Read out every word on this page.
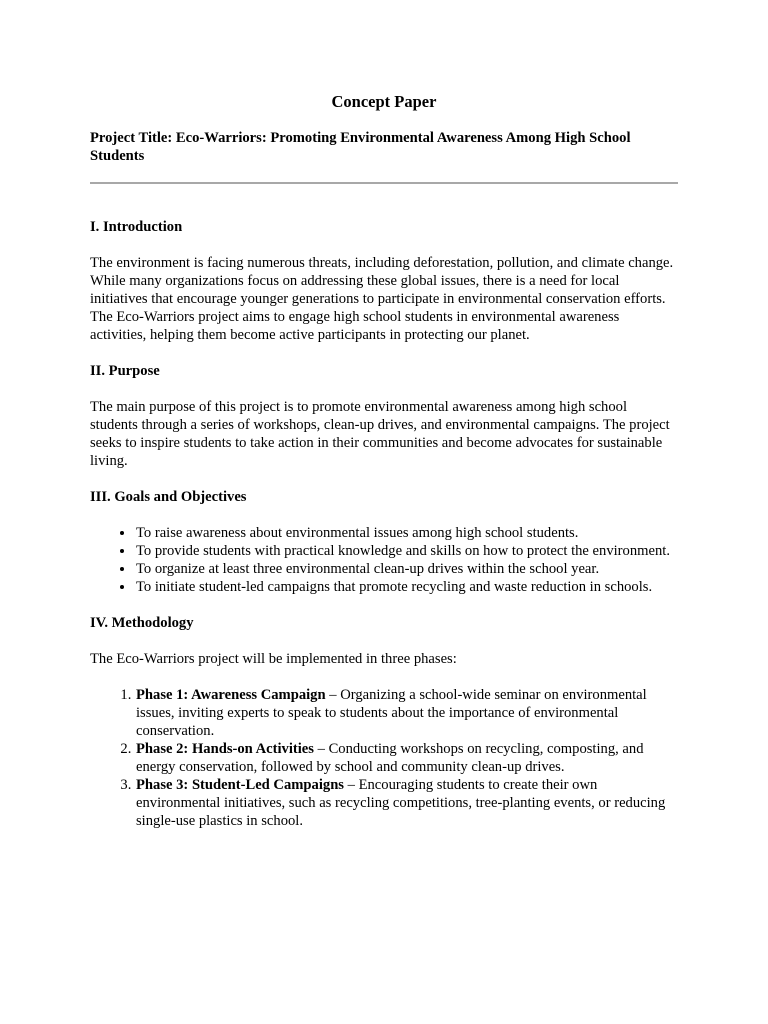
Concept Paper

Project Title: Eco-Warriors: Promoting Environmental Awareness Among High School Students

I. Introduction

The environment is facing numerous threats, including deforestation, pollution, and climate change. While many organizations focus on addressing these global issues, there is a need for local initiatives that encourage younger generations to participate in environmental conservation efforts. The Eco-Warriors project aims to engage high school students in environmental awareness activities, helping them become active participants in protecting our planet.

II. Purpose

The main purpose of this project is to promote environmental awareness among high school students through a series of workshops, clean-up drives, and environmental campaigns. The project seeks to inspire students to take action in their communities and become advocates for sustainable living.

III. Goals and Objectives
• To raise awareness about environmental issues among high school students.
• To provide students with practical knowledge and skills on how to protect the environment.
• To organize at least three environmental clean-up drives within the school year.
• To initiate student-led campaigns that promote recycling and waste reduction in schools.
IV. Methodology

The Eco-Warriors project will be implemented in three phases:

1. Phase 1: Awareness Campaign – Organizing a school-wide seminar on environmental issues, inviting experts to speak to students about the importance of environmental conservation.
2. Phase 2: Hands-on Activities – Conducting workshops on recycling, composting, and energy conservation, followed by school and community clean-up drives.
3. Phase 3: Student-Led Campaigns – Encouraging students to create their own environmental initiatives, such as recycling competitions, tree-planting events, or reducing single-use plastics in school.
